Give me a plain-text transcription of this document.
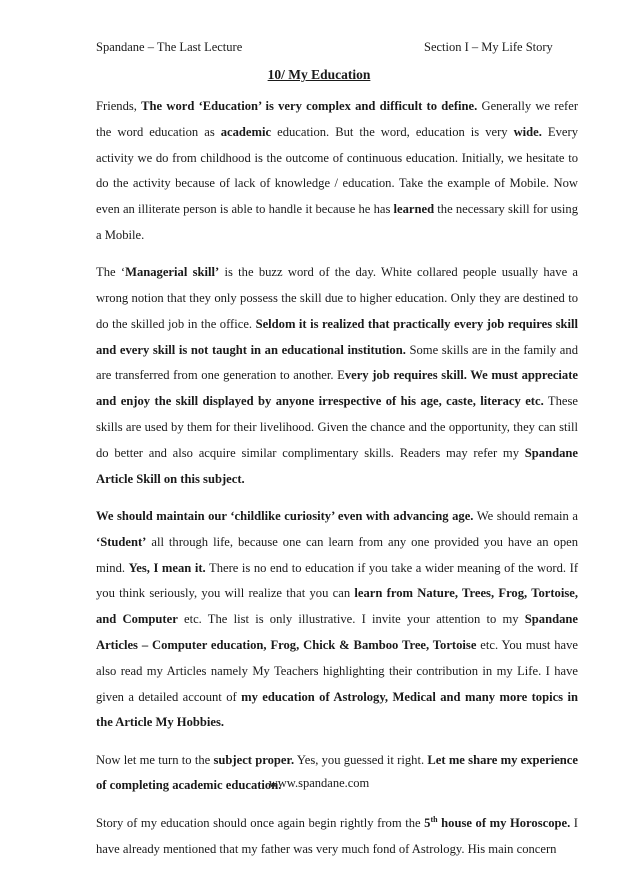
Spandane – The Last Lecture	Section I – My Life Story
10/ My Education

Friends, The word ‘Education’ is very complex and difficult to define. Generally we refer the word education as academic education. But the word, education is very wide. Every activity we do from childhood is the outcome of continuous education. Initially, we hesitate to do the activity because of lack of knowledge / education. Take the example of Mobile. Now even an illiterate person is able to handle it because he has learned the necessary skill for using a Mobile.

The ‘Managerial skill’ is the buzz word of the day. White collared people usually have a wrong notion that they only possess the skill due to higher education. Only they are destined to do the skilled job in the office. Seldom it is realized that practically every job requires skill and every skill is not taught in an educational institution. Some skills are in the family and are transferred from one generation to another. Every job requires skill. We must appreciate and enjoy the skill displayed by anyone irrespective of his age, caste, literacy etc. These skills are used by them for their livelihood. Given the chance and the opportunity, they can still do better and also acquire similar complimentary skills. Readers may refer my Spandane Article Skill on this subject.

We should maintain our ‘childlike curiosity’ even with advancing age. We should remain a ‘Student’ all through life, because one can learn from any one provided you have an open mind. Yes, I mean it. There is no end to education if you take a wider meaning of the word. If you think seriously, you will realize that you can learn from Nature, Trees, Frog, Tortoise, and Computer etc. The list is only illustrative. I invite your attention to my Spandane Articles – Computer education, Frog, Chick & Bamboo Tree, Tortoise etc. You must have also read my Articles namely My Teachers highlighting their contribution in my Life. I have given a detailed account of my education of Astrology, Medical and many more topics in the Article My Hobbies.

Now let me turn to the subject proper. Yes, you guessed it right. Let me share my experience of completing academic education.

Story of my education should once again begin rightly from the 5th house of my Horoscope. I have already mentioned that my father was very much fond of Astrology. His main concern

www.spandane.com
